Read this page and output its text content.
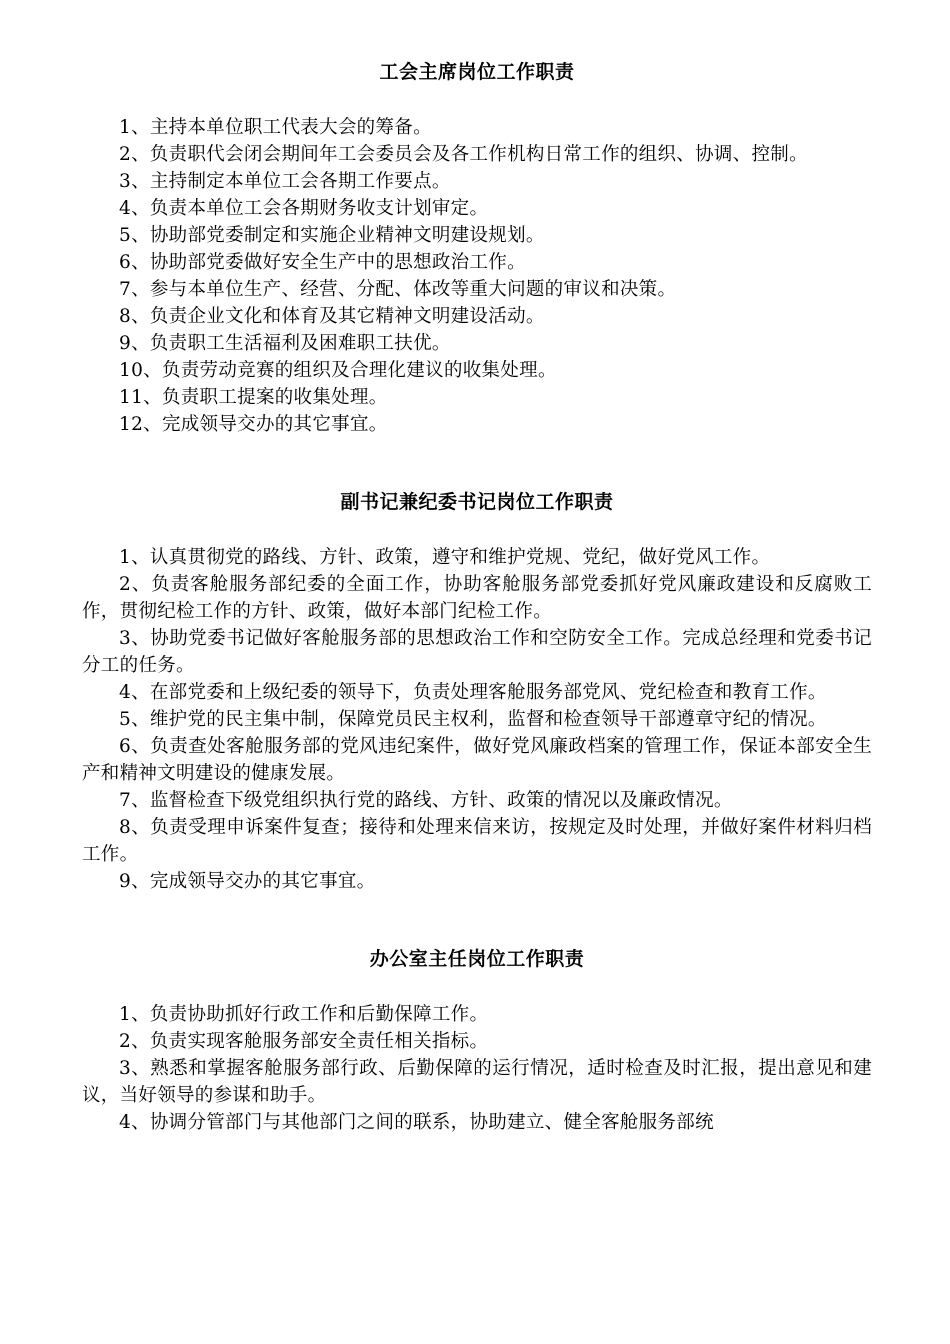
工会主席岗位工作职责

1、主持本单位职工代表大会的筹备。

2、负责职代会闭会期间年工会委员会及各工作机构日常工作的组织、协调、控制。

3、主持制定本单位工会各期工作要点。

4、负责本单位工会各期财务收支计划审定。

5、协助部党委制定和实施企业精神文明建设规划。

6、协助部党委做好安全生产中的思想政治工作。

7、参与本单位生产、经营、分配、体改等重大问题的审议和决策。

8、负责企业文化和体育及其它精神文明建设活动。

9、负责职工生活福利及困难职工扶优。

10、负责劳动竞赛的组织及合理化建议的收集处理。

11、负责职工提案的收集处理。

12、完成领导交办的其它事宜。

副书记兼纪委书记岗位工作职责

1、认真贯彻党的路线、方针、政策，遵守和维护党规、党纪，做好党风工作。

2、负责客舱服务部纪委的全面工作，协助客舱服务部党委抓好党风廉政建设和反腐败工作，贯彻纪检工作的方针、政策，做好本部门纪检工作。

3、协助党委书记做好客舱服务部的思想政治工作和空防安全工作。完成总经理和党委书记分工的任务。

4、在部党委和上级纪委的领导下，负责处理客舱服务部党风、党纪检查和教育工作。

5、维护党的民主集中制，保障党员民主权利，监督和检查领导干部遵章守纪的情况。

6、负责查处客舱服务部的党风违纪案件，做好党风廉政档案的管理工作，保证本部安全生产和精神文明建设的健康发展。

7、监督检查下级党组织执行党的路线、方针、政策的情况以及廉政情况。

8、负责受理申诉案件复查；接待和处理来信来访，按规定及时处理，并做好案件材料归档工作。

9、完成领导交办的其它事宜。

办公室主任岗位工作职责

1、负责协助抓好行政工作和后勤保障工作。

2、负责实现客舱服务部安全责任相关指标。

3、熟悉和掌握客舱服务部行政、后勤保障的运行情况，适时检查及时汇报，提出意见和建议，当好领导的参谋和助手。

4、协调分管部门与其他部门之间的联系，协助建立、健全客舱服务部统
